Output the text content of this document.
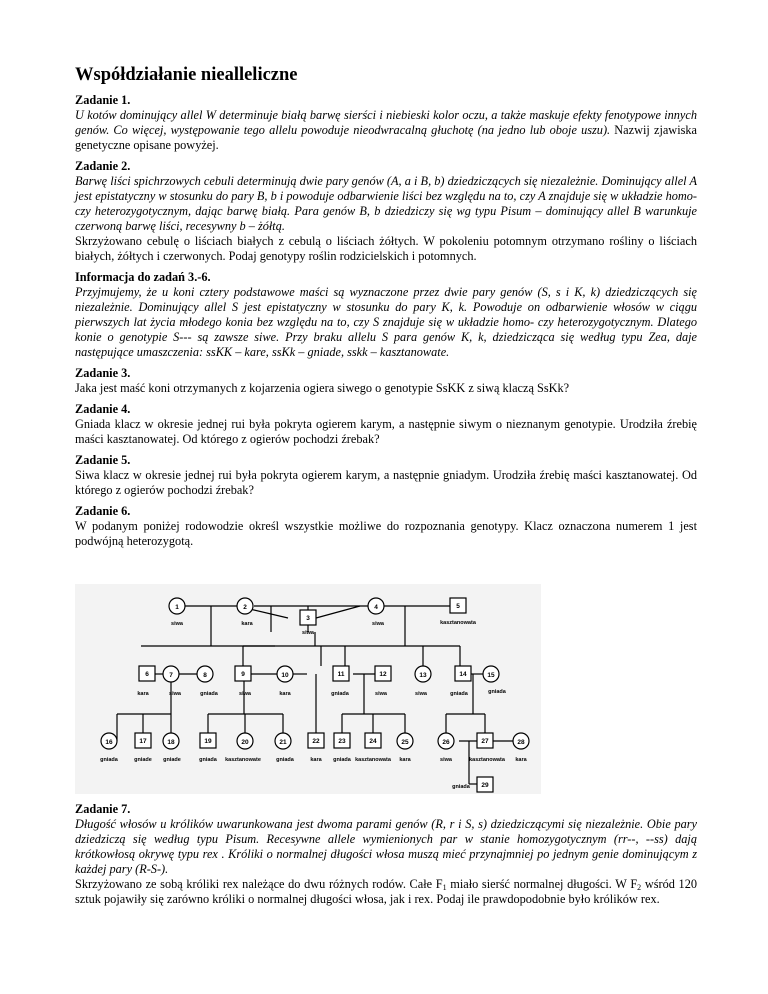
Współdziałanie niealleliczne
Zadanie 1.

U kotów dominujący allel W determinuje białą barwę sierści i niebieski kolor oczu, a także maskuje efekty fenotypowe innych genów. Co więcej, występowanie tego allelu powoduje nieodwracalną głuchotę (na jedno lub oboje uszu). Nazwij zjawiska genetyczne opisane powyżej.

Zadanie 2.

Barwę liści spichrzowych cebuli determinują dwie pary genów (A, a i B, b) dziedziczących się niezależnie. Dominujący allel A jest epistatyczny w stosunku do pary B, b i powoduje odbarwienie liści bez względu na to, czy A znajduje się w układzie homo- czy heterozygotycznym, dając barwę białą. Para genów B, b dziedziczy się wg typu Pisum – dominujący allel B warunkuje czerwoną barwę liści, recesywny b – żółtą.

Skrzyżowano cebulę o liściach białych z cebulą o liściach żółtych. W pokoleniu potomnym otrzymano rośliny o liściach białych, żółtych i czerwonych. Podaj genotypy roślin rodzicielskich i potomnych.

Informacja do zadań 3.-6.

Przyjmujemy, że u koni cztery podstawowe maści są wyznaczone przez dwie pary genów (S, s i K, k) dziedziczących się niezależnie. Dominujący allel S jest epistatyczny w stosunku do pary K, k. Powoduje on odbarwienie włosów w ciągu pierwszych lat życia młodego konia bez względu na to, czy S znajduje się w układzie homo- czy heterozygotycznym. Dlatego konie o genotypie S--- są zawsze siwe. Przy braku allelu S para genów K, k, dziedzicząca się według typu Zea, daje następujące umaszczenia: ssKK – kare, ssKk – gniade, sskk – kasztanowate.

Zadanie 3.

Jaka jest maść koni otrzymanych z kojarzenia ogiera siwego o genotypie SsKK z siwą klaczą SsKk?

Zadanie 4.

Gniada klacz w okresie jednej rui była pokryta ogierem karym, a następnie siwym o nieznanym genotypie. Urodziła źrebię maści kasztanowatej. Od którego z ogierów pochodzi źrebak?

Zadanie 5.

Siwa klacz w okresie jednej rui była pokryta ogierem karym, a następnie gniadym. Urodziła źrebię maści kasztanowatej. Od którego z ogierów pochodzi źrebak?

Zadanie 6.

W podanym poniżej rodowodzie określ wszystkie możliwe do rozpoznania genotypy. Klacz oznaczona numerem 1 jest podwójną heterozygotą.

1	2
3
4	5
6	7	8	9	10	11	12	13	14	15
16	17	18	19	20	21	22	23	24	25	26	27	28
29
siwa	kara
siwa
siwa	kasztanowata
kara	siwa	gniada	siwa	kara	gniada	siwa	siwa	gniada	gniada
gniada	gniade gniade	gniada kasztanowate	gniada	kara gniada kasztanowata kara	siwa	kasztanowata kara
gniada
Zadanie 7.

Długość włosów u królików uwarunkowana jest dwoma parami genów (R, r i S, s) dziedziczącymi się niezależnie. Obie pary dziedziczą się według typu Pisum. Recesywne allele wymienionych par w stanie homozygotycznym (rr--, --ss) dają krótkowłosą okrywę typu rex . Króliki o normalnej długości włosa muszą mieć przynajmniej po jednym genie dominującym z każdej pary (R-S-).

Skrzyżowano ze sobą króliki rex należące do dwu różnych rodów. Całe $F_1$ miało sierść normalnej długości. W $F_2$ wśród 120 sztuk pojawiły się zarówno króliki o normalnej długości włosa, jak i rex. Podaj ile prawdopodobnie było królików rex.
